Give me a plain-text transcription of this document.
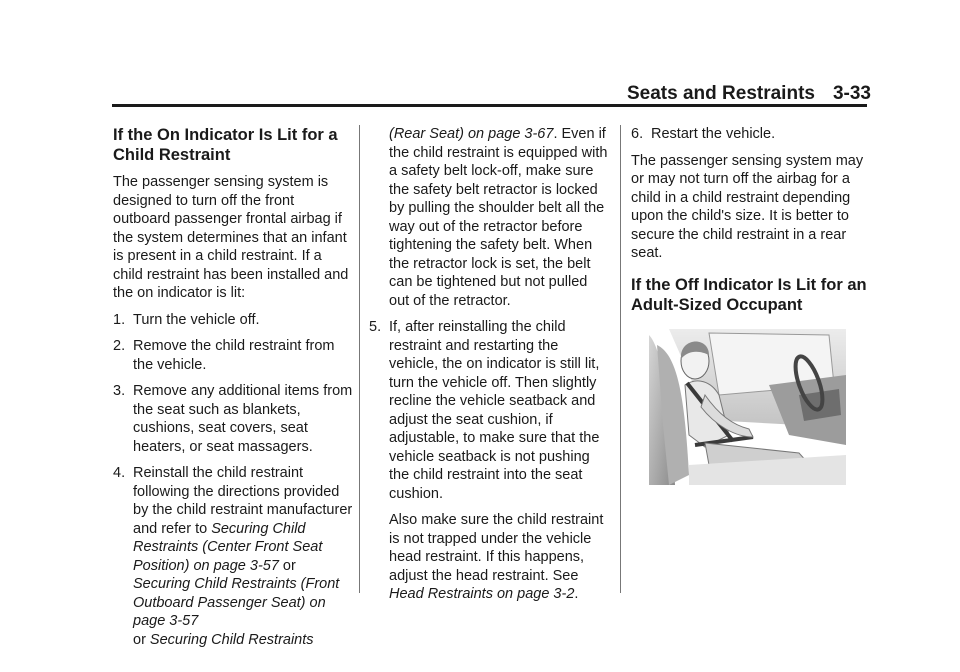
Seats and Restraints 3-33
If the On Indicator Is Lit for a Child Restraint

The passenger sensing system is designed to turn off the front outboard passenger frontal airbag if the system determines that an infant is present in a child restraint. If a child restraint has been installed and the on indicator is lit:

1. Turn the vehicle off.
2. Remove the child restraint from the vehicle.
3. Remove any additional items from the seat such as blankets, cushions, seat covers, seat heaters, or seat massagers.
4. Reinstall the child restraint following the directions provided by the child restraint manufacturer and refer to Securing Child Restraints (Center Front Seat Position) on page 3-57 or Securing Child Restraints (Front Outboard Passenger Seat) on page 3-57
or Securing Child Restraints

(Rear Seat) on page 3-67. Even if the child restraint is equipped with a safety belt lock-off, make sure the safety belt retractor is locked by pulling the shoulder belt all the way out of the retractor before tightening the safety belt. When the retractor lock is set, the belt can be tightened but not pulled out of the retractor.

5. If, after reinstalling the child restraint and restarting the vehicle, the on indicator is still lit, turn the vehicle off. Then slightly recline the vehicle seatback and adjust the seat cushion, if adjustable, to make sure that the vehicle seatback is not pushing the child restraint into the seat cushion.

Also make sure the child restraint is not trapped under the vehicle head restraint. If this happens, adjust the head restraint. See Head Restraints on page 3-2.

6. Restart the vehicle.

The passenger sensing system may or may not turn off the airbag for a child in a child restraint depending upon the child's size. It is better to secure the child restraint in a rear seat.

If the Off Indicator Is Lit for an Adult-Sized Occupant
